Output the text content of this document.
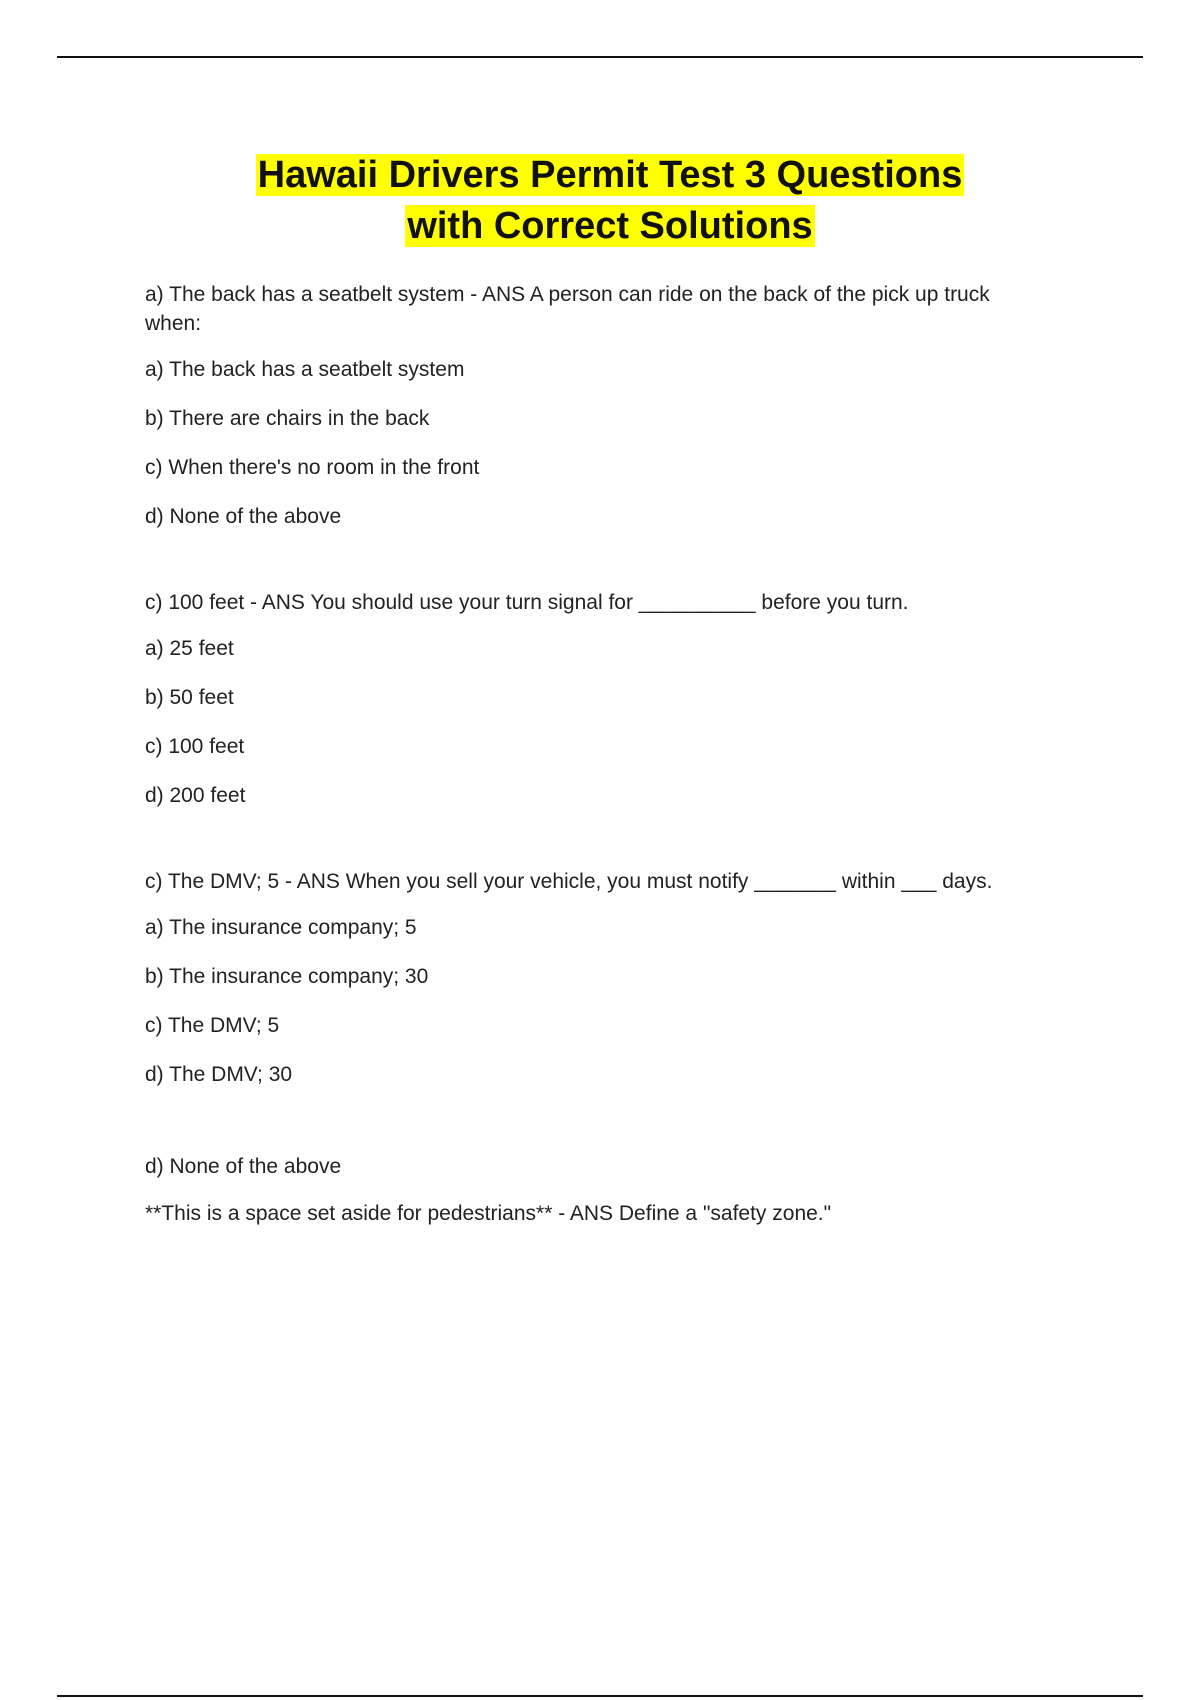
Hawaii Drivers Permit Test 3 Questions
with Correct Solutions
a) The back has a seatbelt system - ANS A person can ride on the back of the pick up truck when:
a) The back has a seatbelt system
b) There are chairs in the back
c) When there's no room in the front
d) None of the above
c) 100 feet - ANS You should use your turn signal for __________ before you turn.
a) 25 feet
b) 50 feet
c) 100 feet
d) 200 feet
c) The DMV; 5 - ANS When you sell your vehicle, you must notify _______ within ___ days.
a) The insurance company; 5
b) The insurance company; 30
c) The DMV; 5
d) The DMV; 30
d) None of the above
**This is a space set aside for pedestrians** - ANS Define a "safety zone."
